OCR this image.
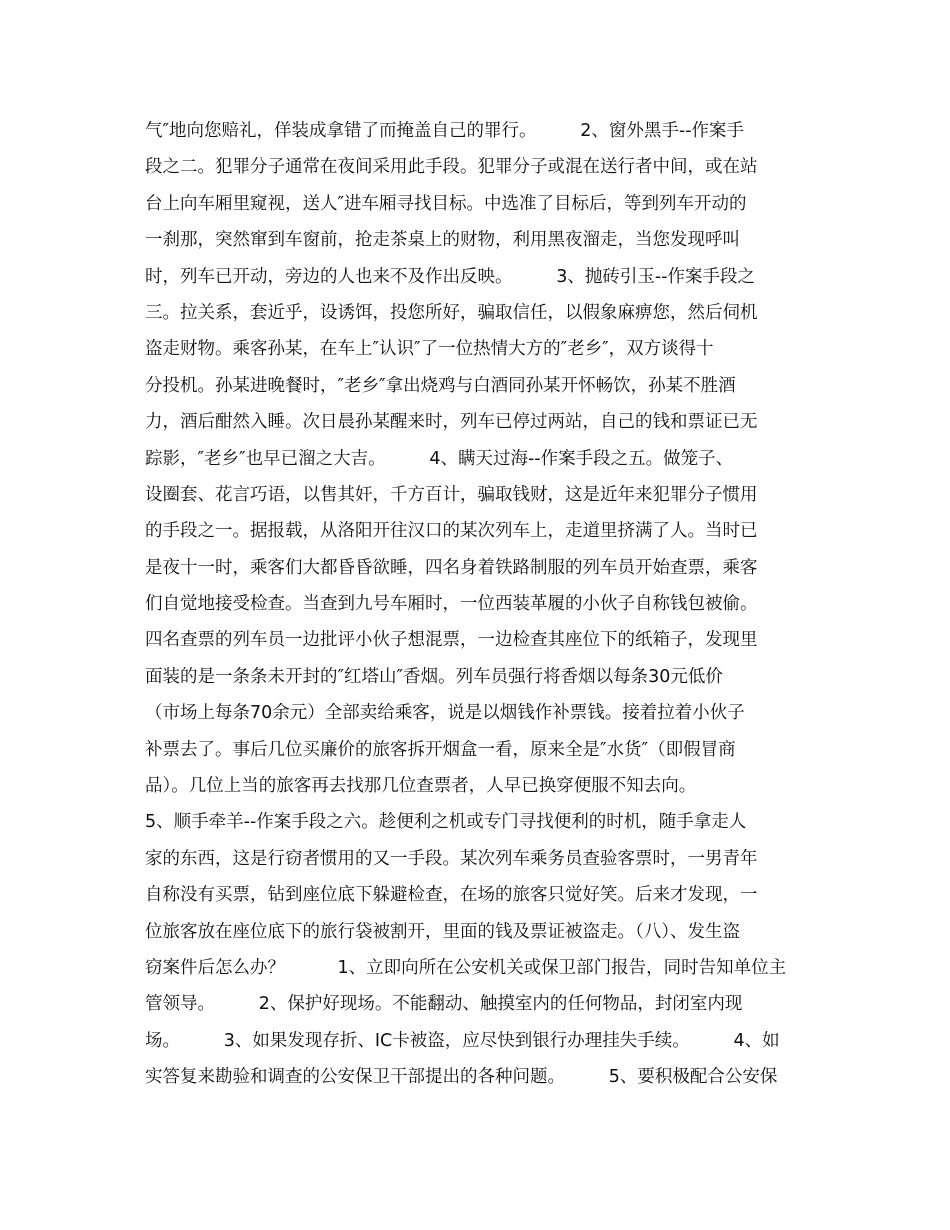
气″地向您赔礼，佯装成拿错了而掩盖自己的罪行。　　　2、窗外黑手--作案手
段之二。犯罪分子通常在夜间采用此手段。犯罪分子或混在送行者中间，或在站
台上向车厢里窥视，送人″进车厢寻找目标。中选准了目标后，等到列车开动的
一刹那，突然窜到车窗前，抢走茶桌上的财物，利用黑夜溜走，当您发现呼叫
时，列车已开动，旁边的人也来不及作出反映。　　　3、抛砖引玉--作案手段之
三。拉关系，套近乎，设诱饵，投您所好，骗取信任，以假象麻痹您，然后伺机
盗走财物。乘客孙某，在车上″认识″了一位热情大方的″老乡″，双方谈得十
分投机。孙某进晚餐时，″老乡″拿出烧鸡与白酒同孙某开怀畅饮，孙某不胜酒
力，酒后酣然入睡。次日晨孙某醒来时，列车已停过两站，自己的钱和票证已无
踪影，″老乡″也早已溜之大吉。　　　4、瞒天过海--作案手段之五。做笼子、
设圈套、花言巧语，以售其奸，千方百计，骗取钱财，这是近年来犯罪分子惯用
的手段之一。据报载，从洛阳开往汉口的某次列车上，走道里挤满了人。当时已
是夜十一时，乘客们大都昏昏欲睡，四名身着铁路制服的列车员开始查票，乘客
们自觉地接受检查。当查到九号车厢时，一位西装革履的小伙子自称钱包被偷。
四名查票的列车员一边批评小伙子想混票，一边检查其座位下的纸箱子，发现里
面装的是一条条未开封的″红塔山″香烟。列车员强行将香烟以每条30元低价
（市场上每条70余元）全部卖给乘客，说是以烟钱作补票钱。接着拉着小伙子
补票去了。事后几位买廉价的旅客拆开烟盒一看，原来全是″水货″（即假冒商
品）。几位上当的旅客再去找那几位查票者，人早已换穿便服不知去向。
5、顺手牵羊--作案手段之六。趁便利之机或专门寻找便利的时机，随手拿走人
家的东西，这是行窃者惯用的又一手段。某次列车乘务员查验客票时，一男青年
自称没有买票，钻到座位底下躲避检查，在场的旅客只觉好笑。后来才发现，一
位旅客放在座位底下的旅行袋被割开，里面的钱及票证被盗走。（八）、发生盗
窃案件后怎么办？　　　1、立即向所在公安机关或保卫部门报告，同时告知单位主
管领导。　　　2、保护好现场。不能翻动、触摸室内的任何物品，封闭室内现
场。　　　3、如果发现存折、IC卡被盗，应尽快到银行办理挂失手续。　　　4、如
实答复来勘验和调查的公安保卫干部提出的各种问题。　　　5、要积极配合公安保
